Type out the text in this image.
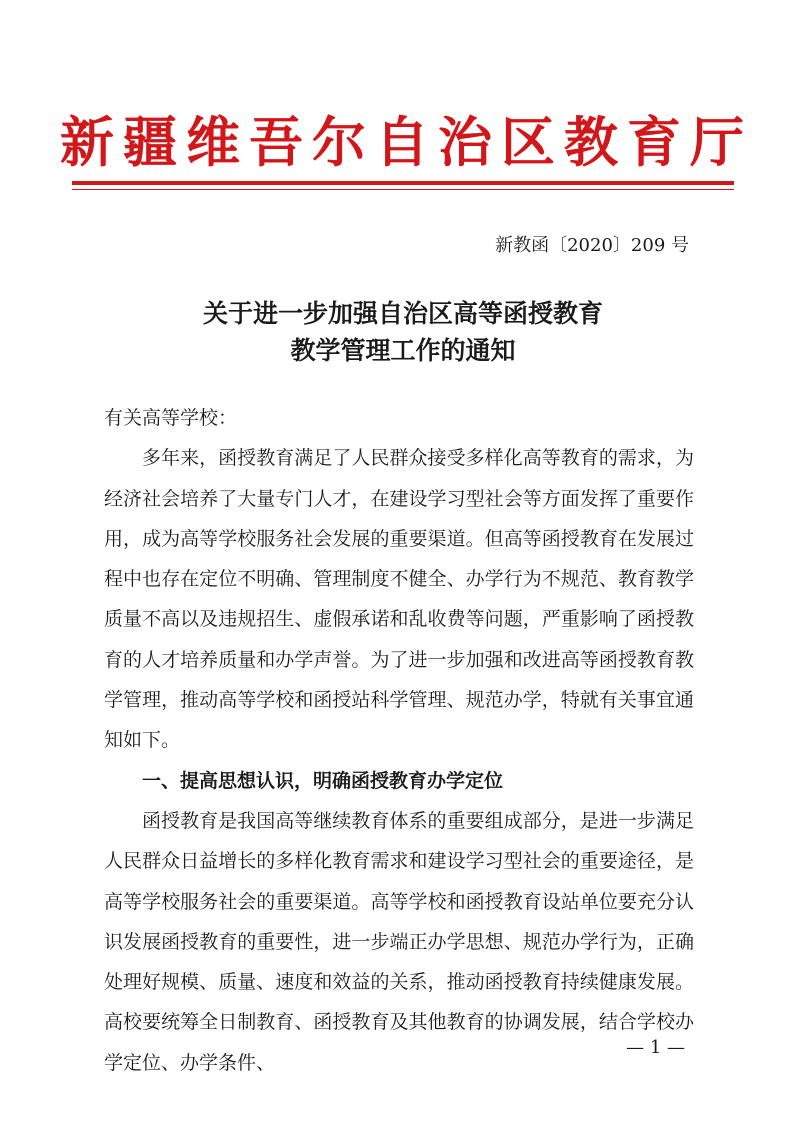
新疆维吾尔自治区教育厅
新教函〔2020〕209 号
关于进一步加强自治区高等函授教育
教学管理工作的通知

有关高等学校：

多年来，函授教育满足了人民群众接受多样化高等教育的需求，为经济社会培养了大量专门人才，在建设学习型社会等方面发挥了重要作用，成为高等学校服务社会发展的重要渠道。但高等函授教育在发展过程中也存在定位不明确、管理制度不健全、办学行为不规范、教育教学质量不高以及违规招生、虚假承诺和乱收费等问题，严重影响了函授教育的人才培养质量和办学声誉。为了进一步加强和改进高等函授教育教学管理，推动高等学校和函授站科学管理、规范办学，特就有关事宜通知如下。

一、提高思想认识，明确函授教育办学定位

函授教育是我国高等继续教育体系的重要组成部分，是进一步满足人民群众日益增长的多样化教育需求和建设学习型社会的重要途径，是高等学校服务社会的重要渠道。高等学校和函授教育设站单位要充分认识发展函授教育的重要性，进一步端正办学思想、规范办学行为，正确处理好规模、质量、速度和效益的关系，推动函授教育持续健康发展。高校要统筹全日制教育、函授教育及其他教育的协调发展，结合学校办学定位、办学条件、

— 1 —
